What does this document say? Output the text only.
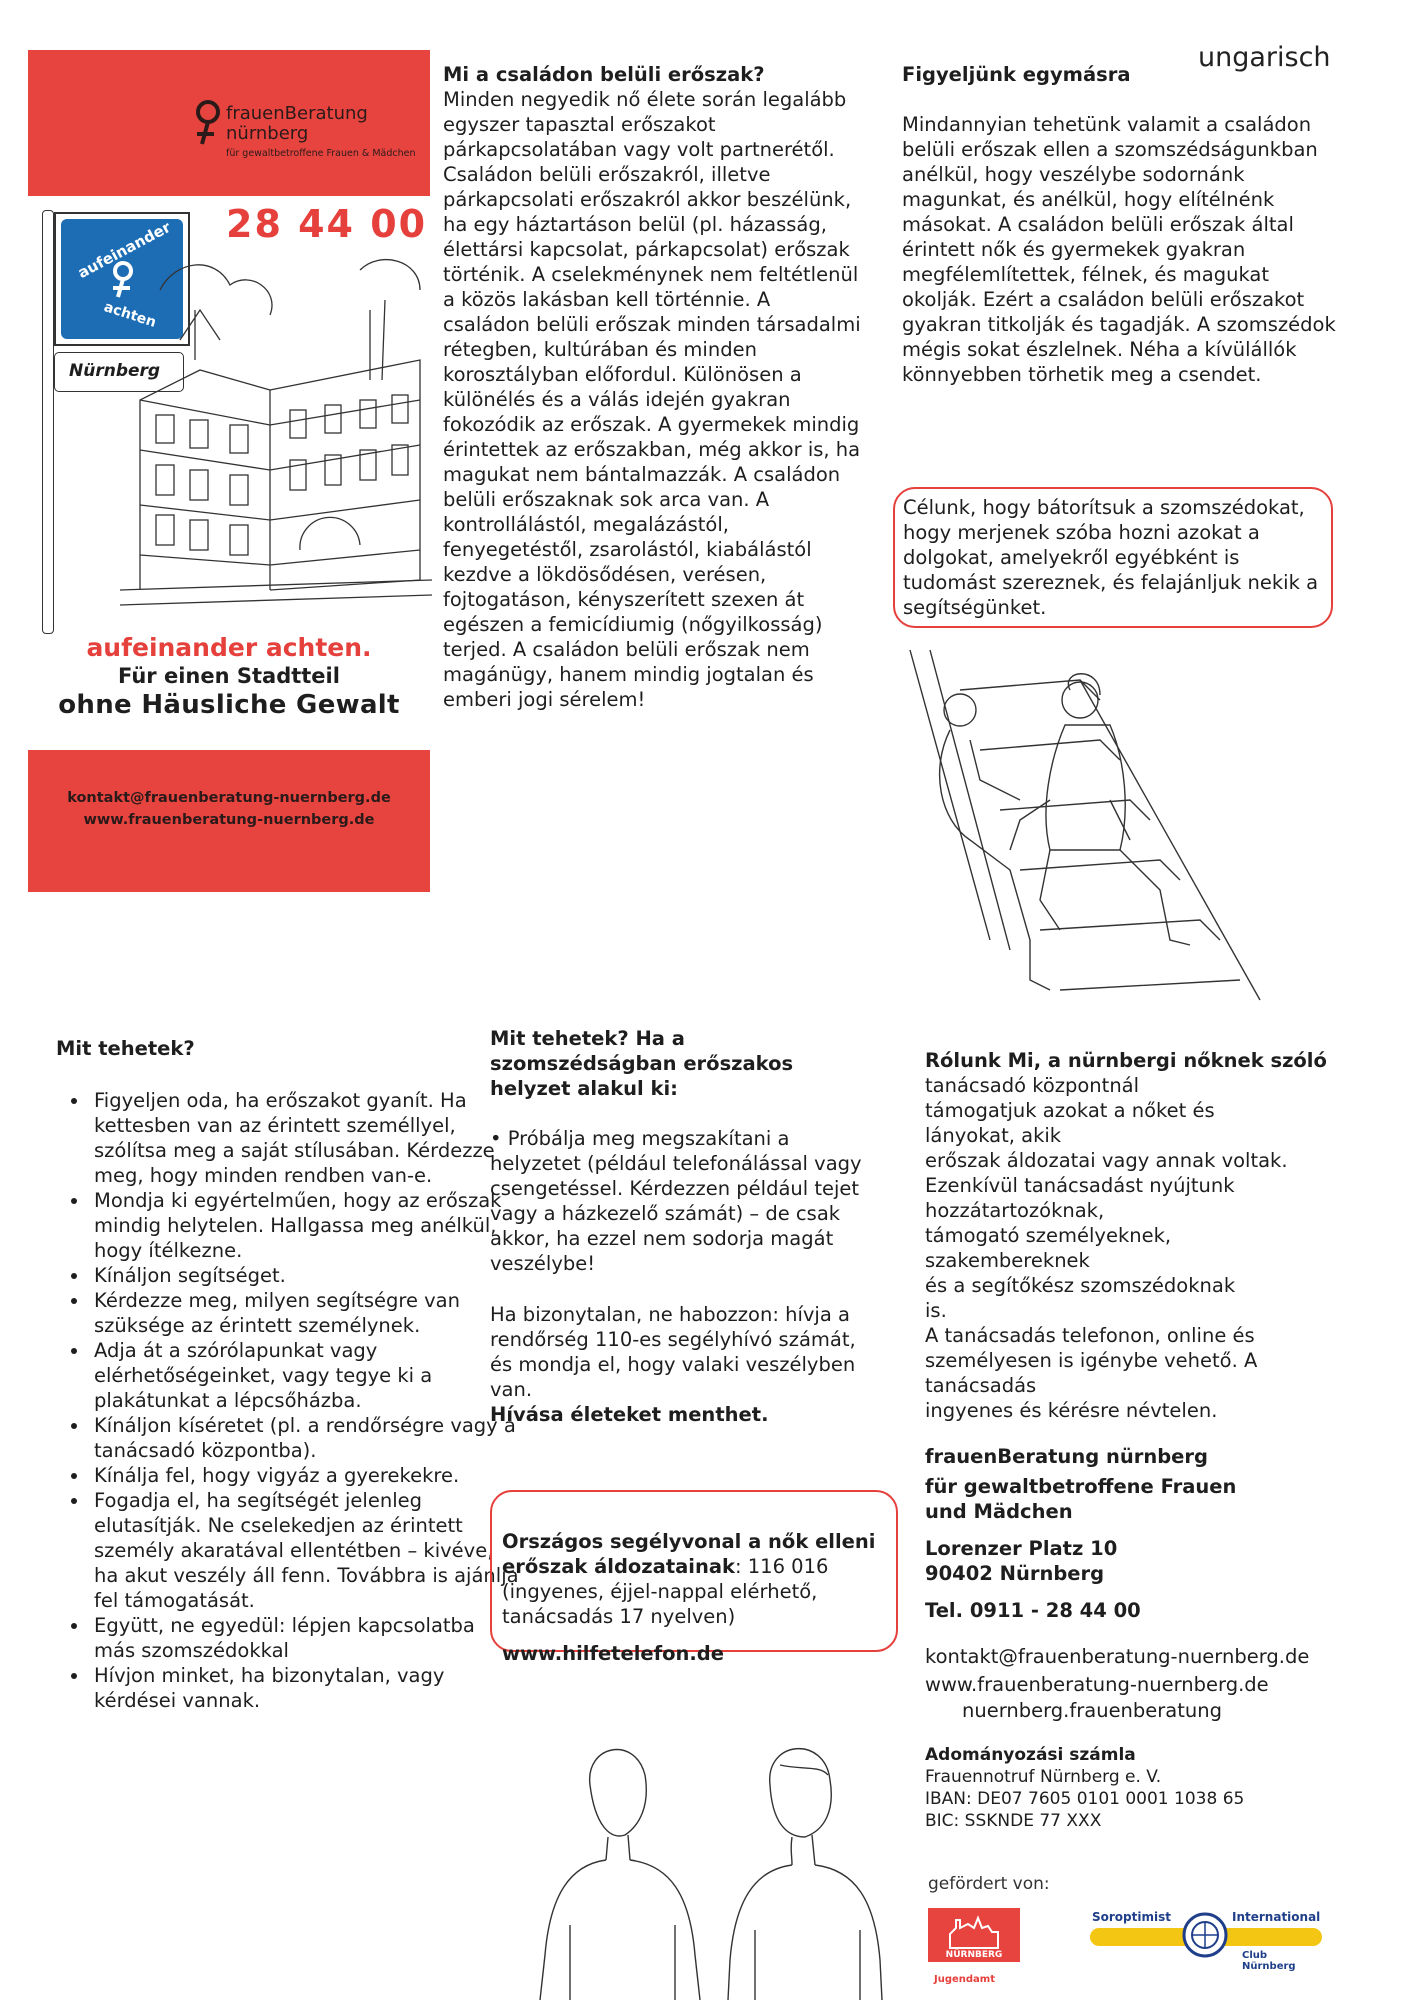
ungarisch
frauenBeratung
nürnberg
für gewaltbetroffene Frauen & Mädchen
28 44 00
aufeinander
achten
Nürnberg
aufeinander achten.
Für einen Stadtteil
ohne Häusliche Gewalt
kontakt@frauenberatung-nuernberg.de
www.frauenberatung-nuernberg.de
Mi a családon belüli erőszak?
Minden negyedik nő élete során legalább egyszer tapasztal erőszakot párkapcsolatában vagy volt partnerétől. Családon belüli erőszakról, illetve párkapcsolati erőszakról akkor beszélünk, ha egy háztartáson belül (pl. házasság, élettársi kapcsolat, párkapcsolat) erőszak történik. A cselekménynek nem feltétlenül a közös lakásban kell történnie. A családon belüli erőszak minden társadalmi rétegben, kultúrában és minden korosztályban előfordul. Különösen a különélés és a válás idején gyakran fokozódik az erőszak. A gyermekek mindig érintettek az erőszakban, még akkor is, ha magukat nem bántalmazzák. A családon belüli erőszaknak sok arca van. A kontrollálástól, megalázástól, fenyegetéstől, zsarolástól, kiabálástól kezdve a lökdösődésen, verésen, fojtogatáson, kényszerített szexen át egészen a femicídiumig (nőgyilkosság) terjed. A családon belüli erőszak nem magánügy, hanem mindig jogtalan és emberi jogi sérelem!
Figyeljünk egymásra
Mindannyian tehetünk valamit a családon belüli erőszak ellen a szomszédságunkban anélkül, hogy veszélybe sodornánk magunkat, és anélkül, hogy elítélnénk másokat. A családon belüli erőszak által érintett nők és gyermekek gyakran megfélemlítettek, félnek, és magukat okolják. Ezért a családon belüli erőszakot gyakran titkolják és tagadják. A szomszédok mégis sokat észlelnek. Néha a kívülállók könnyebben törhetik meg a csendet.
Célunk, hogy bátorítsuk a szomszédokat, hogy merjenek szóba hozni azokat a dolgokat, amelyekről egyébként is tudomást szereznek, és felajánljuk nekik a segítségünket.
Mit tehetek?
• Figyeljen oda, ha erőszakot gyanít. Ha kettesben van az érintett személlyel, szólítsa meg a saját stílusában. Kérdezze meg, hogy minden rendben van-e.
• Mondja ki egyértelműen, hogy az erőszak mindig helytelen. Hallgassa meg anélkül, hogy ítélkezne.
• Kínáljon segítséget.
• Kérdezze meg, milyen segítségre van szüksége az érintett személynek.
• Adja át a szórólapunkat vagy elérhetőségeinket, vagy tegye ki a plakátunkat a lépcsőházba.
• Kínáljon kíséretet (pl. a rendőrségre vagy a tanácsadó központba).
• Kínálja fel, hogy vigyáz a gyerekekre.
• Fogadja el, ha segítségét jelenleg elutasítják. Ne cselekedjen az érintett személy akaratával ellentétben – kivéve, ha akut veszély áll fenn. Továbbra is ajánlja fel támogatását.
• Együtt, ne egyedül: lépjen kapcsolatba más szomszédokkal
• Hívjon minket, ha bizonytalan, vagy kérdései vannak.
Mit tehetek? Ha a szomszédságban erőszakos helyzet alakul ki:
• Próbálja meg megszakítani a helyzetet (például telefonálással vagy csengetéssel. Kérdezzen például tejet vagy a házkezelő számát) – de csak akkor, ha ezzel nem sodorja magát veszélybe!
Ha bizonytalan, ne habozzon: hívja a rendőrség 110-es segélyhívó számát, és mondja el, hogy valaki veszélyben van.
Hívása életeket menthet.

Országos segélyvonal a nők elleni erőszak áldozatainak: 116 016

(ingyenes, éjjel-nappal elérhető, tanácsadás 17 nyelven)
www.hilfetelefon.de
Rólunk Mi, a nürnbergi nőknek szóló
tanácsadó központnál
támogatjuk azokat a nőket és lányokat, akik
erőszak áldozatai vagy annak voltak.
Ezenkívül tanácsadást nyújtunk hozzátartozóknak,
támogató személyeknek, szakembereknek
és a segítőkész szomszédoknak
is.
A tanácsadás telefonon, online és személyesen is igénybe vehető. A tanácsadás
ingyenes és kérésre névtelen.
frauenBeratung nürnberg
für gewaltbetroffene Frauen
und Mädchen
Lorenzer Platz 10
90402 Nürnberg
Tel. 0911 - 28 44 00
kontakt@frauenberatung-nuernberg.de
www.frauenberatung-nuernberg.de
nuernberg.frauenberatung
Adományozási számla
Frauennotruf Nürnberg e. V.
IBAN: DE07 7605 0101 0001 1038 65
BIC: SSKNDE 77 XXX
gefördert von:
NÜRNBERG
Jugendamt
Soroptimist	International
Club Nürnberg
